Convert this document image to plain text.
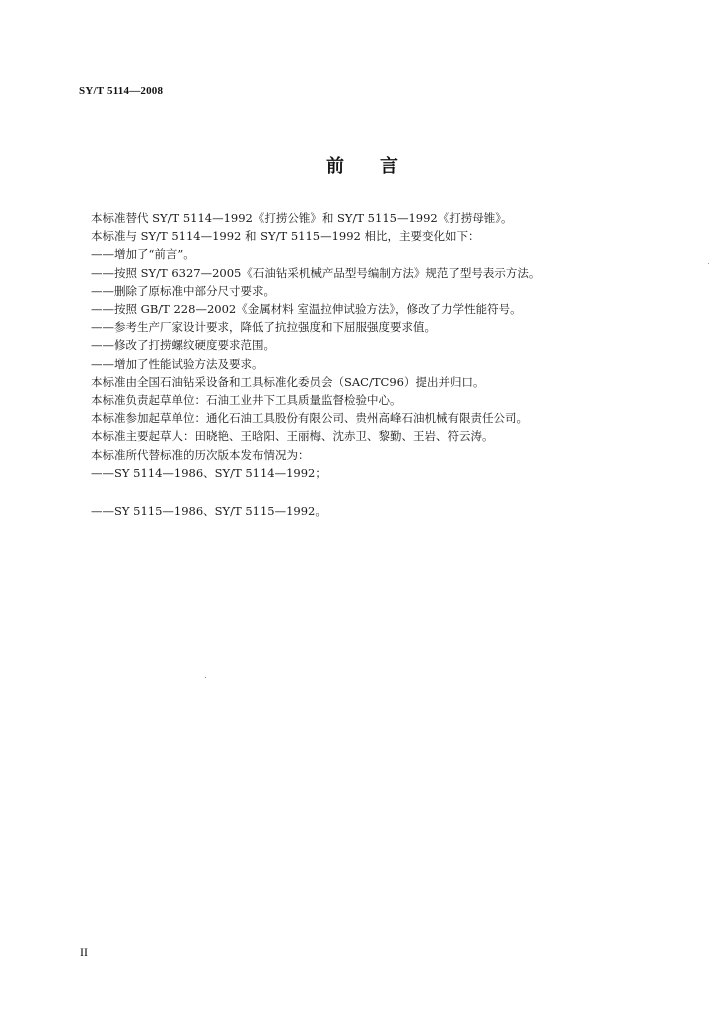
SY/T 5114—2008
前 言
本标准替代 SY/T 5114—1992《打捞公锥》和 SY/T 5115—1992《打捞母锥》。
本标准与 SY/T 5114—1992 和 SY/T 5115—1992 相比，主要变化如下：
——增加了“前言”。
——按照 SY/T 6327—2005《石油钻采机械产品型号编制方法》规范了型号表示方法。
——删除了原标准中部分尺寸要求。
——按照 GB/T 228—2002《金属材料 室温拉伸试验方法》，修改了力学性能符号。
——参考生产厂家设计要求，降低了抗拉强度和下屈服强度要求值。
——修改了打捞螺纹硬度要求范围。
——增加了性能试验方法及要求。
本标准由全国石油钻采设备和工具标准化委员会（SAC/TC96）提出并归口。
本标准负责起草单位：石油工业井下工具质量监督检验中心。
本标准参加起草单位：通化石油工具股份有限公司、贵州高峰石油机械有限责任公司。
本标准主要起草人：田晓艳、王晗阳、王丽梅、沈赤卫、黎勤、王岩、符云涛。
本标准所代替标准的历次版本发布情况为：
——SY 5114—1986、SY/T 5114—1992；
——SY 5115—1986、SY/T 5115—1992。
II
